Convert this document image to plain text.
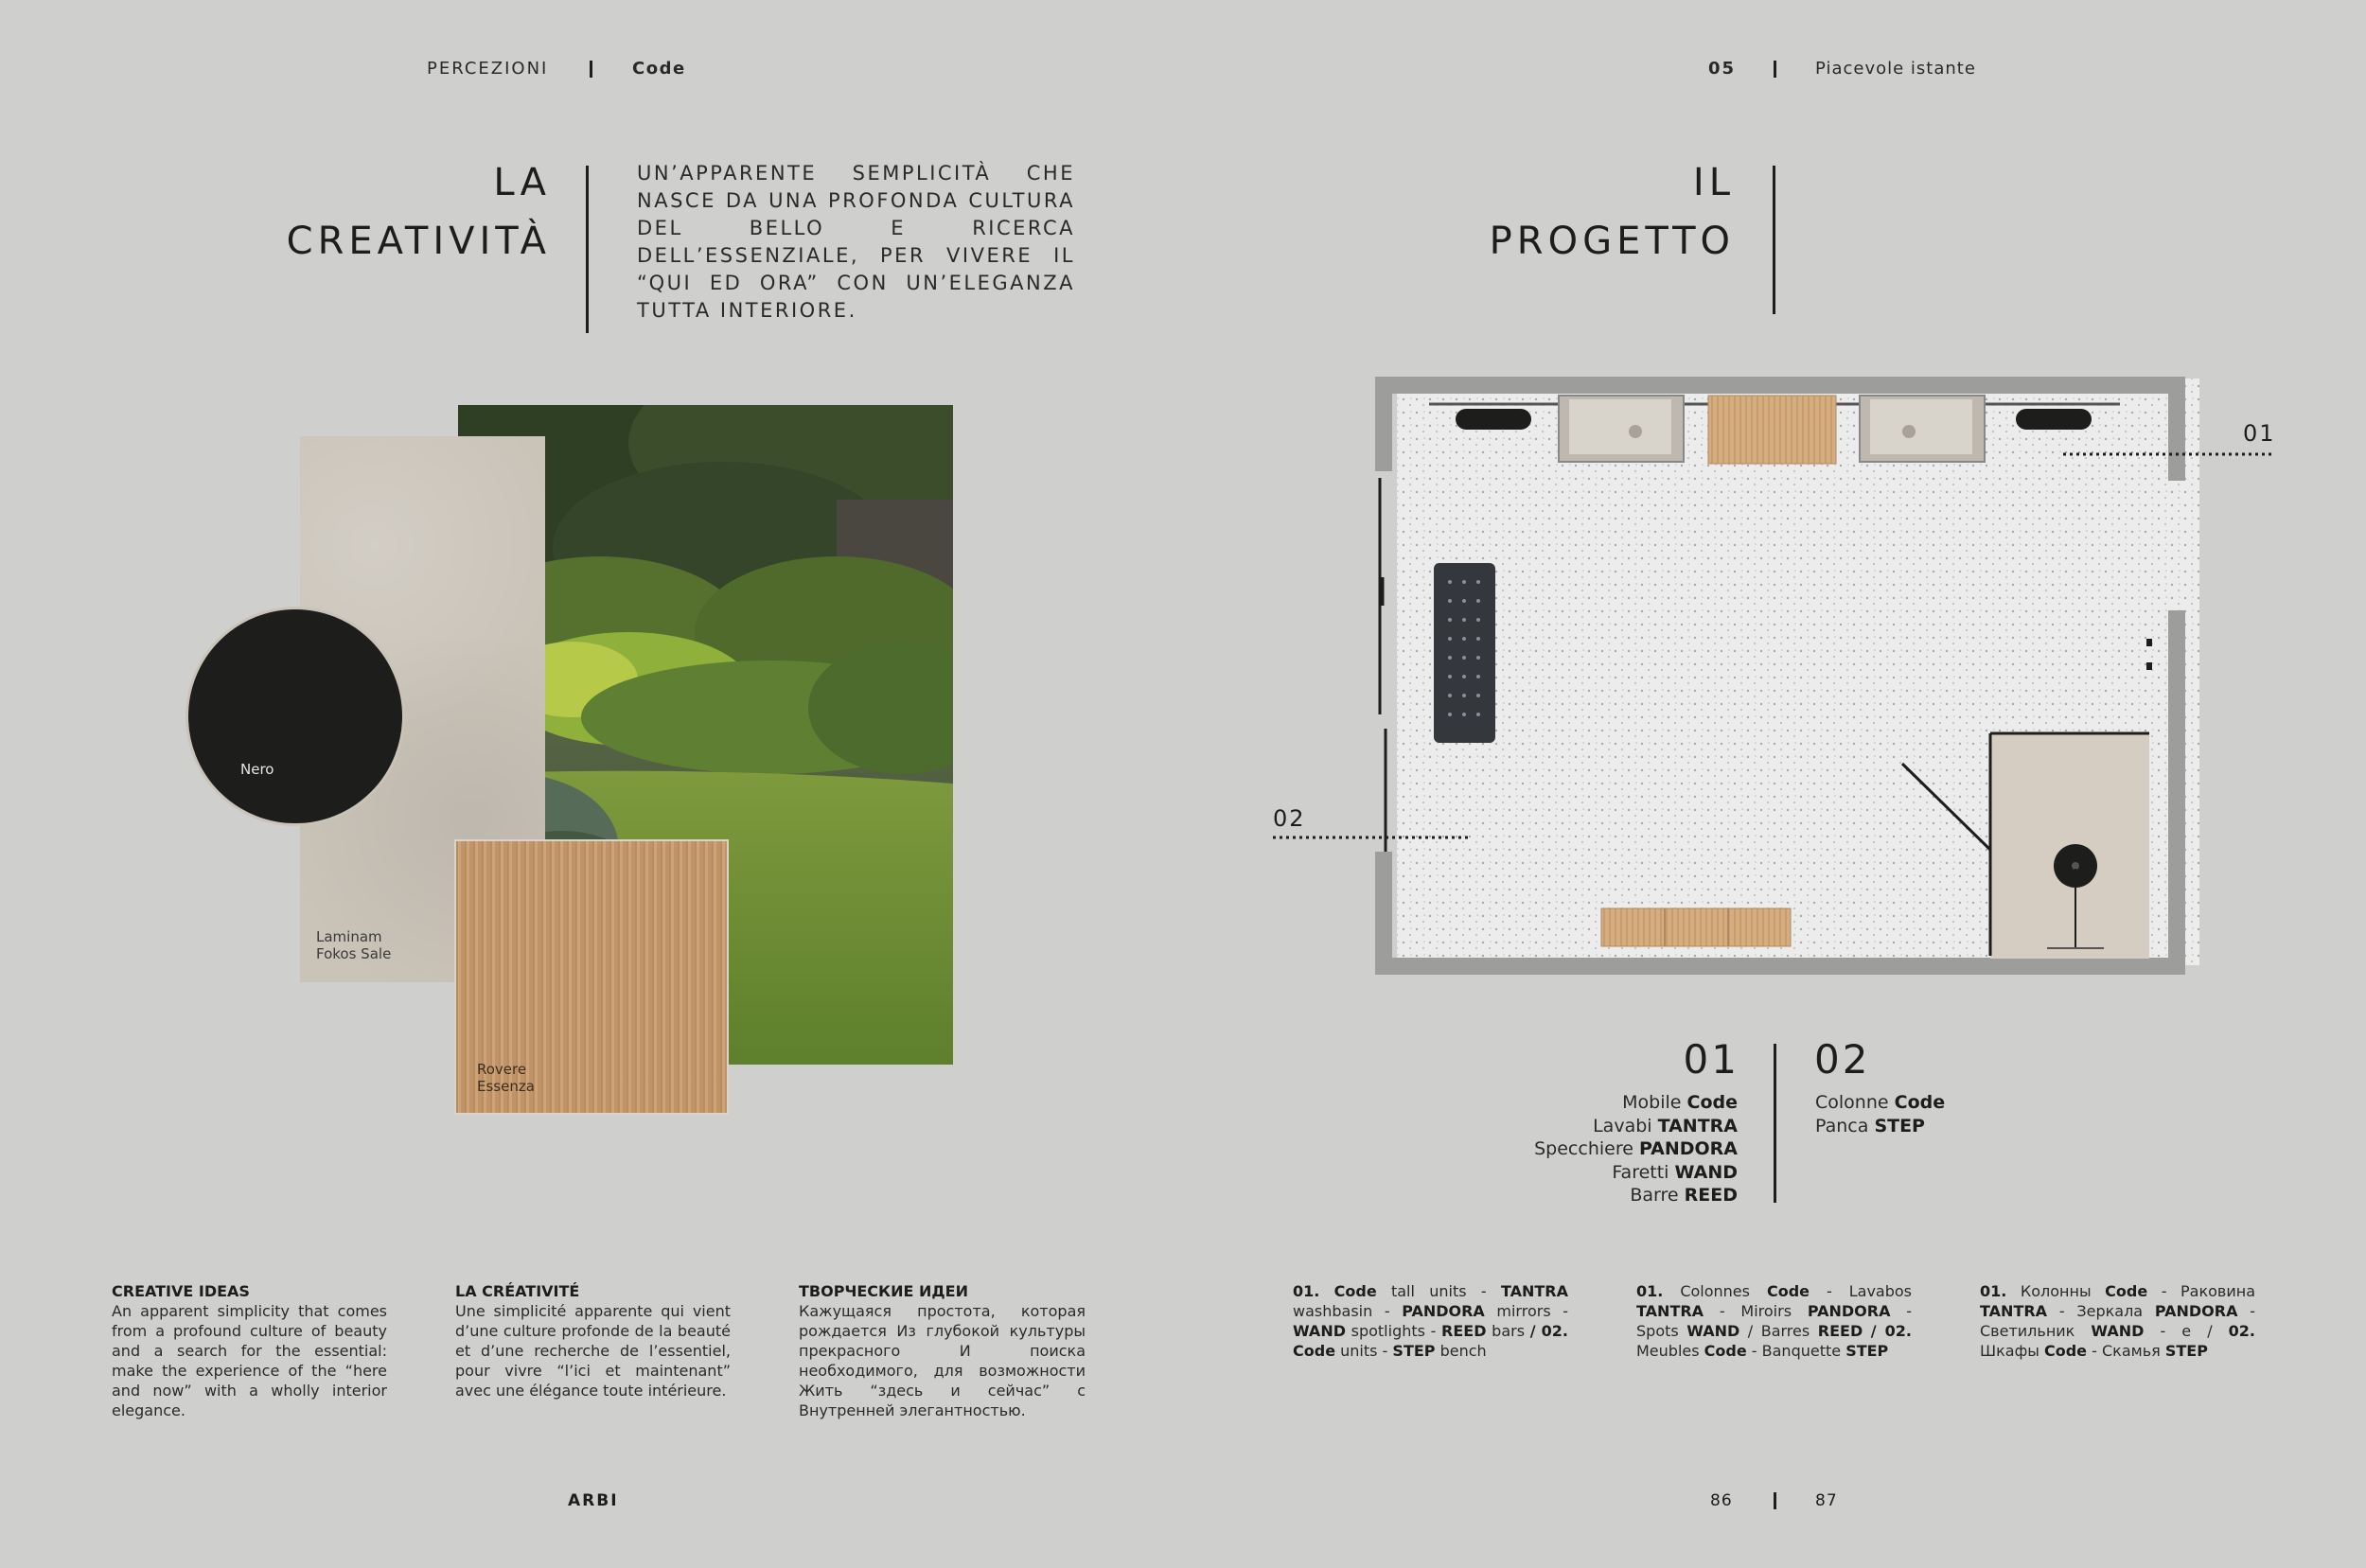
PERCEZIONI	Code	05	Piacevole istante
LA
CREATIVITÀ
UN’APPARENTE SEMPLICITÀ CHE NASCE DA UNA PROFONDA CULTURA DEL BELLO E RICERCA DELL’ESSENZIALE, PER VIVERE IL “QUI ED ORA” CON UN’ELEGANZA TUTTA INTERIORE.
Laminam
Fokos Sale
Nero
Rovere
Essenza
CREATIVE IDEAS
An apparent simplicity that comes from a profound culture of beauty and a search for the essential: make the experience of the “here and now” with a wholly interior elegance.
LA CRÉATIVITÉ
Une simplicité apparente qui vient d’une culture profonde de la beauté et d’une recherche de l’essentiel, pour vivre “l’ici et maintenant” avec une élégance toute intérieure.
ТВОРЧЕСКИЕ ИДЕИ
Кажущаяся простота, которая рождается Из глубокой культуры прекрасного И поиска необходимого, для возможности Жить “здесь и сейчас” с Внутренней элегантностью.
ARBI
IL
PROGETTO
01
02
01
Mobile Code
Lavabi TANTRA
Specchiere PANDORA
Faretti WAND
Barre REED
02
Colonne Code
Panca STEP
01. Code tall units - TANTRA washbasin - PANDORA mirrors - WAND spotlights - REED bars / 02. Code units - STEP bench
01. Colonnes Code - Lavabos TANTRA - Miroirs PANDORA - Spots WAND / Barres REED / 02. Meubles Code - Banquette STEP
01. Колонны Code - Раковина TANTRA - Зеркала PANDORA - Светильник WAND - е / 02. Шкафы Code - Скамья STEP
86	87
